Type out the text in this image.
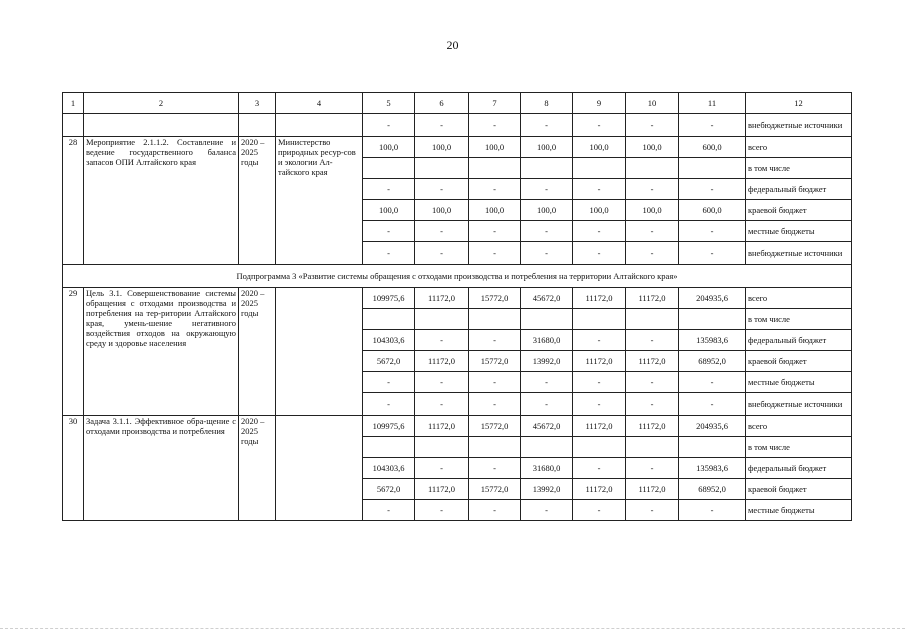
20
1	2	3	4	5	6	7	8	9	10	11	12
				-	-	-	-	-	-	-	внебюджетные источники
28	Мероприятие 2.1.1.2. Составление и ведение государственного баланса запасов ОПИ Алтайского края	2020 – 2025 годы	Министерство природных ресур-сов и экологии Ал-тайского края	100,0	100,0	100,0	100,0	100,0	100,0	600,0	всего
											в том числе
				-	-	-	-	-	-	-	федеральный бюджет
				100,0	100,0	100,0	100,0	100,0	100,0	600,0	краевой бюджет
				-	-	-	-	-	-	-	местные бюджеты
				-	-	-	-	-	-	-	внебюджетные источники
Подпрограмма 3 «Развитие системы обращения с отходами производства и потребления на территории Алтайского края»											
29	Цель 3.1. Совершенствование системы обращения с отходами производства и потребления на тер-ритории Алтайского края, умень-шение негативного воздействия отходов на окружающую среду и здоровье населения	2020 – 2025 годы		109975,6	11172,0	15772,0	45672,0	11172,0	11172,0	204935,6	всего
											в том числе
				104303,6	-	-	31680,0	-	-	135983,6	федеральный бюджет
				5672,0	11172,0	15772,0	13992,0	11172,0	11172,0	68952,0	краевой бюджет
				-	-	-	-	-	-	-	местные бюджеты
				-	-	-	-	-	-	-	внебюджетные источники
30	Задача 3.1.1. Эффективное обра-щение с отходами производства и потребления	2020 – 2025 годы		109975,6	11172,0	15772,0	45672,0	11172,0	11172,0	204935,6	всего
											в том числе
				104303,6	-	-	31680,0	-	-	135983,6	федеральный бюджет
				5672,0	11172,0	15772,0	13992,0	11172,0	11172,0	68952,0	краевой бюджет
				-	-	-	-	-	-	-	местные бюджеты
